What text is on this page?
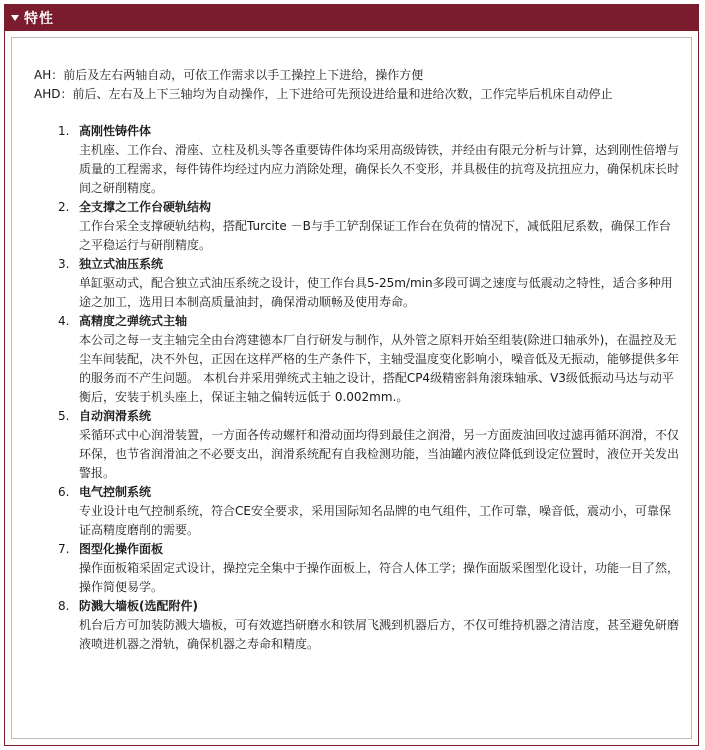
特性

AH：前后及左右两轴自动，可依工作需求以手工操控上下进给，操作方便

AHD：前后、左右及上下三轴均为自动操作，上下进给可先预设进给量和进给次数，工作完毕后机床自动停止

1. 高刚性铸件体

主机座、工作台、滑座、立柱及机头等各重要铸件体均采用高级铸铁，并经由有限元分析与计算，达到刚性倍增与质量的工程需求，每件铸件均经过内应力消除处理，确保长久不变形，并具极佳的抗弯及抗扭应力，确保机床长时间之研削精度。

2. 全支撑之工作台硬轨结构

工作台采全支撑硬轨结构，搭配Turcite －B与手工铲刮保证工作台在负荷的情况下，减低阻尼系数，确保工作台之平稳运行与研削精度。

3. 独立式油压系统

单缸驱动式，配合独立式油压系统之设计，使工作台具5-25m/min多段可调之速度与低震动之特性，适合多种用途之加工，选用日本制高质量油封，确保滑动顺畅及使用寿命。

4. 高精度之弹统式主轴

本公司之每一支主轴完全由台湾建德本厂自行研发与制作，从外管之原料开始至组装(除进口轴承外)，在温控及无尘车间装配，决不外包，正因在这样严格的生产条件下，主轴受温度变化影响小，噪音低及无振动，能够提供多年的服务而不产生问题。 本机台并采用弹统式主轴之设计，搭配CP4级精密斜角滚珠轴承、V3级低振动马达与动平衡后，安装于机头座上，保证主轴之偏转远低于 0.002mm.。

5. 自动润滑系统

采循环式中心润滑装置，一方面各传动螺杆和滑动面均得到最佳之润滑，另一方面废油回收过滤再循环润滑，不仅环保，也节省润滑油之不必要支出，润滑系统配有自我检测功能，当油罐内液位降低到设定位置时，液位开关发出警报。

6. 电气控制系统

专业设计电气控制系统，符合CE安全要求，采用国际知名品牌的电气组件，工作可靠，噪音低，震动小，可靠保证高精度磨削的需要。

7. 图型化操作面板

操作面板箱采固定式设计，操控完全集中于操作面板上，符合人体工学；操作面版采图型化设计，功能一目了然，操作简便易学。

8. 防溅大墙板(选配附件)

机台后方可加装防溅大墙板，可有效遮挡研磨水和铁屑飞溅到机器后方，不仅可维持机器之清洁度，甚至避免研磨液喷进机器之滑轨，确保机器之寿命和精度。
